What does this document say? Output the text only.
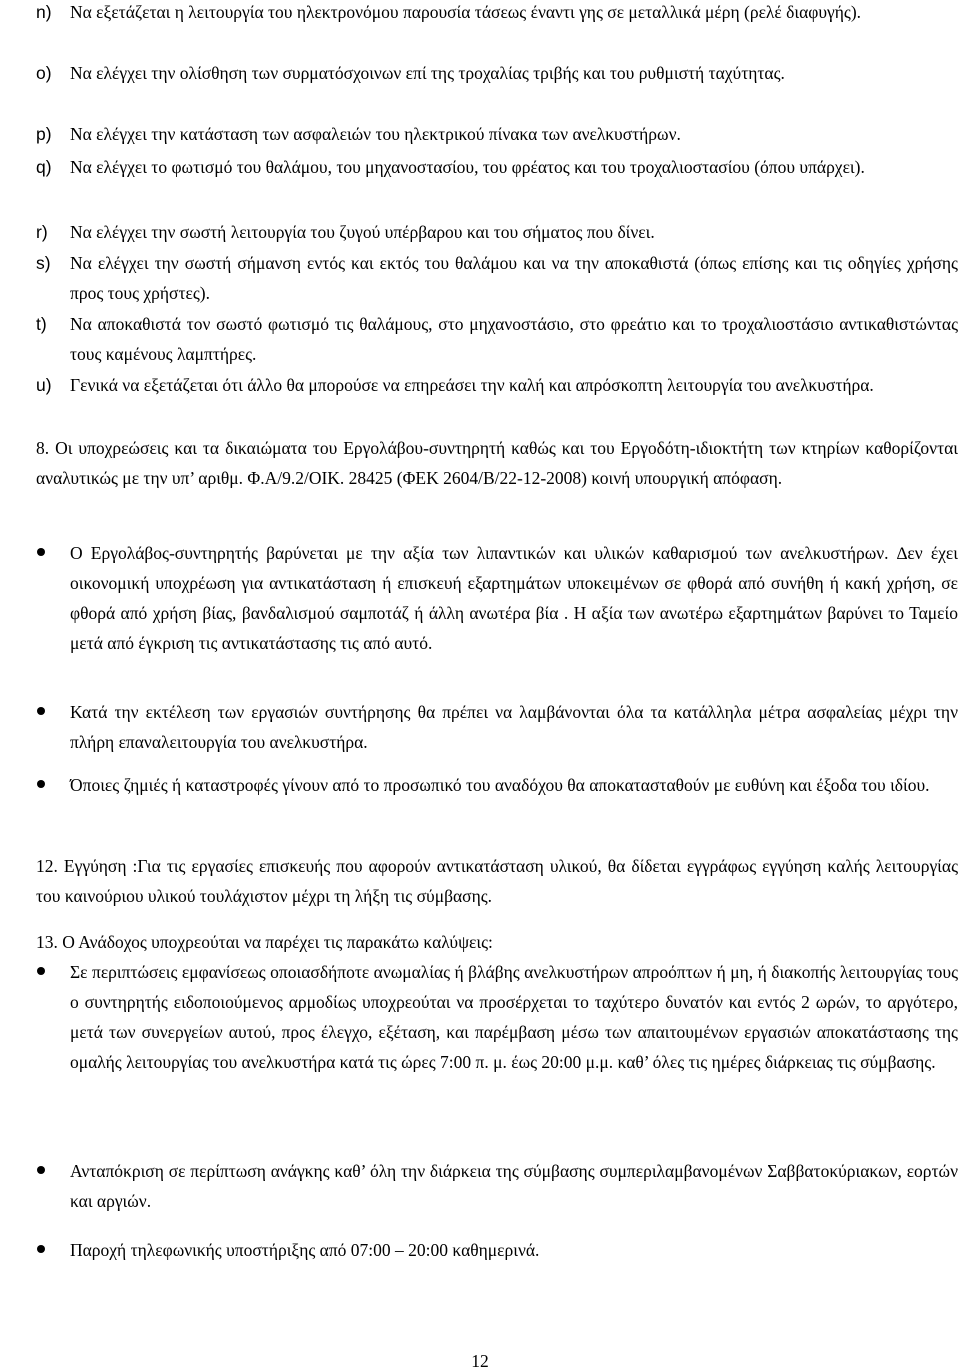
n) Να εξετάζεται η λειτουργία του ηλεκτρονόμου παρουσία τάσεως έναντι γης σε μεταλλικά μέρη (ρελέ διαφυγής).
o) Να ελέγχει την ολίσθηση των συρματόσχοινων επί της τροχαλίας τριβής και του ρυθμιστή ταχύτητας.
p) Να ελέγχει την κατάσταση των ασφαλειών του ηλεκτρικού πίνακα των ανελκυστήρων.
q) Να ελέγχει το φωτισμό του θαλάμου, του μηχανοστασίου, του φρέατος και του τροχαλιοστασίου (όπου υπάρχει).
r) Να ελέγχει την σωστή λειτουργία του ζυγού υπέρβαρου και του σήματος που δίνει.
s) Να ελέγχει την σωστή σήμανση εντός και εκτός του θαλάμου και να την αποκαθιστά (όπως επίσης και τις οδηγίες χρήσης προς τους χρήστες).
t) Να αποκαθιστά τον σωστό φωτισμό τις θαλάμους, στο μηχανοστάσιο, στο φρεάτιο και το τροχαλιοστάσιο αντικαθιστώντας τους καμένους λαμπτήρες.
u) Γενικά να εξετάζεται ότι άλλο θα μπορούσε να επηρεάσει την καλή και απρόσκοπτη λειτουργία του ανελκυστήρα.
8. Οι υποχρεώσεις και τα δικαιώματα του Εργολάβου-συντηρητή καθώς και του Εργοδότη-ιδιοκτήτη των κτηρίων καθορίζονται αναλυτικώς με την υπ’ αριθμ. Φ.Α/9.2/ΟΙΚ. 28425 (ΦΕΚ 2604/Β/22-12-2008) κοινή υπουργική απόφαση.
Ο Εργολάβος-συντηρητής βαρύνεται με την αξία των λιπαντικών και υλικών καθαρισμού των ανελκυστήρων. ∆εν έχει οικονομική υποχρέωση για αντικατάσταση ή επισκευή εξαρτημάτων υποκειμένων σε φθορά από συνήθη ή κακή χρήση, σε φθορά από χρήση βίας, βανδαλισμού σαμποτάζ ή άλλη ανωτέρα βία . Η αξία των ανωτέρω εξαρτημάτων βαρύνει το Ταμείο μετά από έγκριση τις αντικατάστασης τις από αυτό.
Κατά την εκτέλεση των εργασιών συντήρησης θα πρέπει να λαμβάνονται όλα τα κατάλληλα μέτρα ασφαλείας μέχρι την πλήρη επαναλειτουργία του ανελκυστήρα.
Όποιες ζημιές ή καταστροφές γίνουν από το προσωπικό του αναδόχου θα αποκατασταθούν με ευθύνη και έξοδα του ιδίου.
12. Εγγύηση :Για τις εργασίες επισκευής που αφορούν αντικατάσταση υλικού, θα δίδεται εγγράφως εγγύηση καλής λειτουργίας του καινούριου υλικού τουλάχιστον μέχρι τη λήξη τις σύμβασης.
13. Ο Ανάδοχος υποχρεούται να παρέχει τις παρακάτω καλύψεις:
Σε περιπτώσεις εμφανίσεως οποιασδήποτε ανωμαλίας ή βλάβης ανελκυστήρων απροόπτων ή μη, ή διακοπής λειτουργίας τους ο συντηρητής ειδοποιούμενος αρμοδίως υποχρεούται να προσέρχεται το ταχύτερο δυνατόν και εντός 2 ωρών, το αργότερο, μετά των συνεργείων αυτού, προς έλεγχο, εξέταση, και παρέμβαση μέσω των απαιτουμένων εργασιών αποκατάστασης της ομαλής λειτουργίας του ανελκυστήρα κατά τις ώρες 7:00 π. μ. έως 20:00 μ.μ. καθ’ όλες τις ημέρες διάρκειας τις σύμβασης.
Ανταπόκριση σε περίπτωση ανάγκης καθ’ όλη την διάρκεια της σύμβασης συμπεριλαμβανομένων Σαββατοκύριακων, εορτών και αργιών.
Παροχή τηλεφωνικής υποστήριξης από 07:00 – 20:00 καθημερινά.
12
